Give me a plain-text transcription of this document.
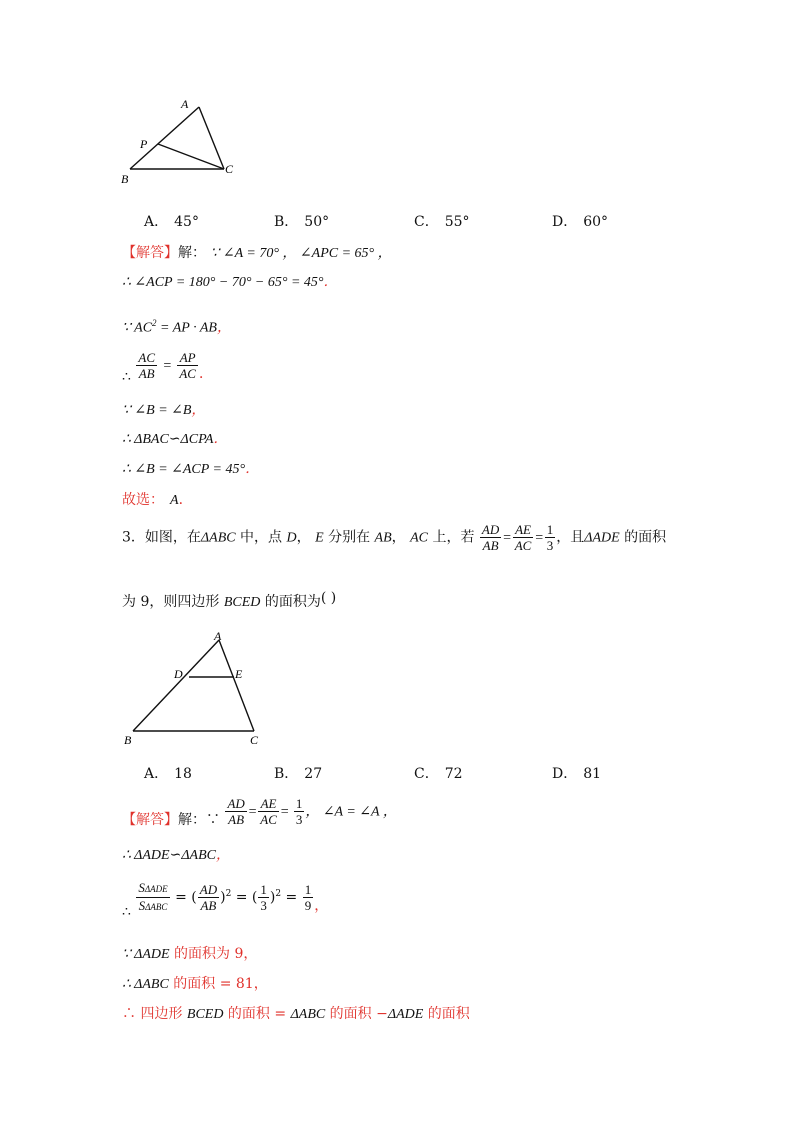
A
P
B
C
A． 45°	B． 50°	C． 55°	D． 60°
【解答】解： ∵ ∠A = 70° ， ∠APC = 65° ，
∴ ∠ACP = 180° − 70° − 65° = 45°．
∵ $AC^2$ = AP · AB，
∴ $\frac{AC}{AB} = \frac{AP}{AC}$ ．
∵ ∠B = ∠B，
∴ ΔBAC∽ΔCPA．
∴ ∠B = ∠ACP = 45°．
故选： A．
3．如图，在ΔABC 中，点 D， E 分别在 AB， AC 上，若 $\frac{AD}{AB} = \frac{AE}{AC} = \frac{1}{3}$ ，且ΔADE 的面积
为 9，则四边形 BCED 的面积为( )
A
D	E
B	C
A． 18	B． 27	C． 72	D． 81
【解答】解：∵ $\frac{AD}{AB} = \frac{AE}{AC} = \frac{1}{3}$ ， ∠A = ∠A ，
∴ ΔADE∽ΔABC，
∴ $\frac{\text{SΔADE}}{\text{SΔABC}}$ = ( $\frac{AD}{AB} )^2$ = ( $\frac{1}{3} )^2 = \frac{1}{9}$ ，
∵ ΔADE 的面积为 9，
∴ ΔABC 的面积 = 81，
∴ 四边形 BCED 的面积 = ΔABC 的面积 −ΔADE 的面积
